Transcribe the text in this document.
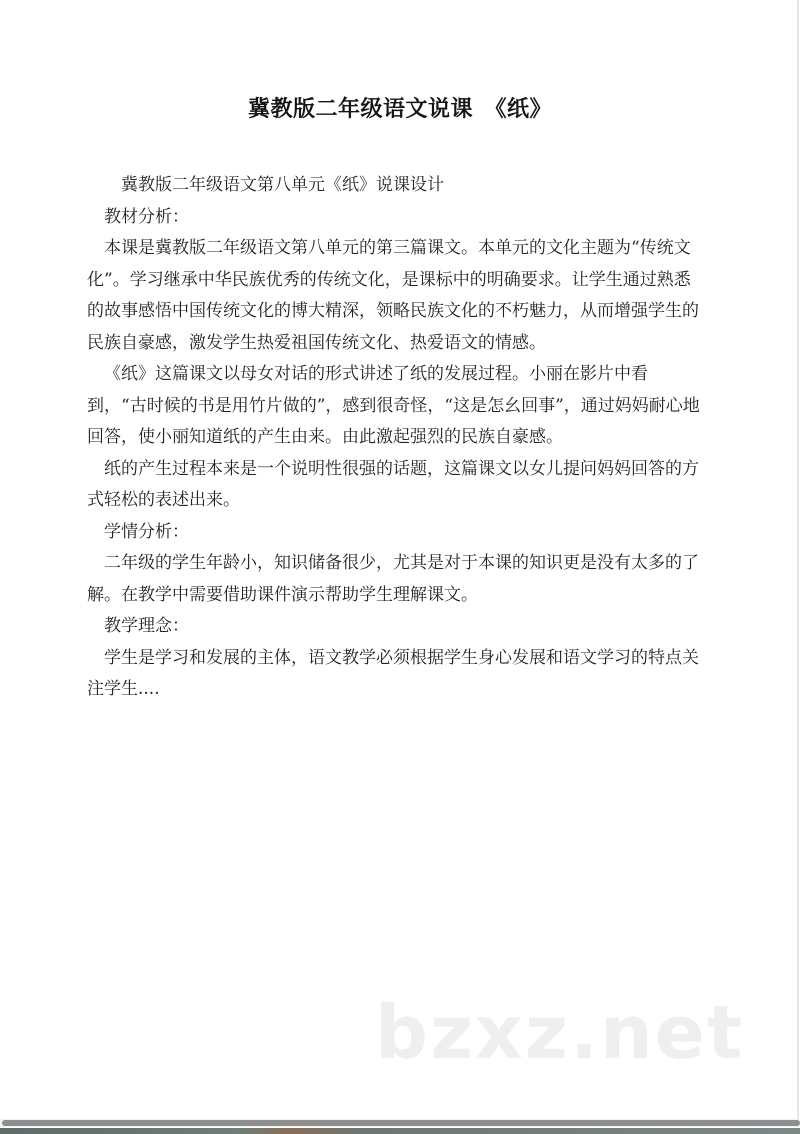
冀教版二年级语文说课　《纸》

冀教版二年级语文第八单元《纸》说课设计

教材分析：

本课是冀教版二年级语文第八单元的第三篇课文。本单元的文化主题为“传统文化”。学习继承中华民族优秀的传统文化，是课标中的明确要求。让学生通过熟悉的故事感悟中国传统文化的博大精深，领略民族文化的不朽魅力，从而增强学生的民族自豪感，激发学生热爱祖国传统文化、热爱语文的情感。

《纸》这篇课文以母女对话的形式讲述了纸的发展过程。小丽在影片中看到，“古时候的书是用竹片做的”，感到很奇怪，“这是怎幺回事”，通过妈妈耐心地回答，使小丽知道纸的产生由来。由此激起强烈的民族自豪感。

纸的产生过程本来是一个说明性很强的话题，这篇课文以女儿提问妈妈回答的方式轻松的表述出来。

学情分析：

二年级的学生年龄小，知识储备很少，尤其是对于本课的知识更是没有太多的了解。在教学中需要借助课件演示帮助学生理解课文。

教学理念：

学生是学习和发展的主体，语文教学必须根据学生身心发展和语文学习的特点关注学生....

bzxz.net
